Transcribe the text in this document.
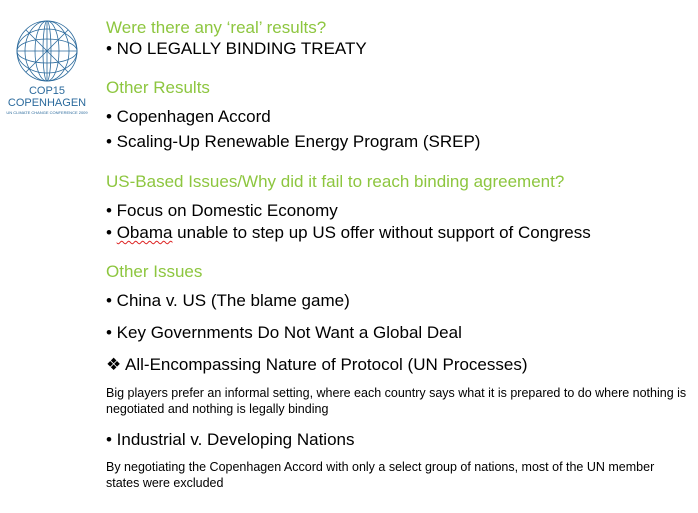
COP15
COPENHAGEN
UN CLIMATE CHANGE CONFERENCE 2009
Were there any ‘real’ results?
• NO LEGALLY BINDING TREATY
Other Results
• Copenhagen Accord
• Scaling-Up Renewable Energy Program (SREP)
US-Based Issues/Why did it fail to reach binding agreement?
• Focus on Domestic Economy
• Obama unable to step up US offer without support of Congress
Other Issues
• China v. US (The blame game)
• Key Governments Do Not Want a Global Deal
❖ All-Encompassing Nature of Protocol (UN Processes)
Big players prefer an informal setting, where each country says what it is prepared to do where nothing is negotiated and nothing is legally binding
• Industrial v. Developing Nations
By negotiating the Copenhagen Accord with only a select group of nations, most of the UN member states were excluded
